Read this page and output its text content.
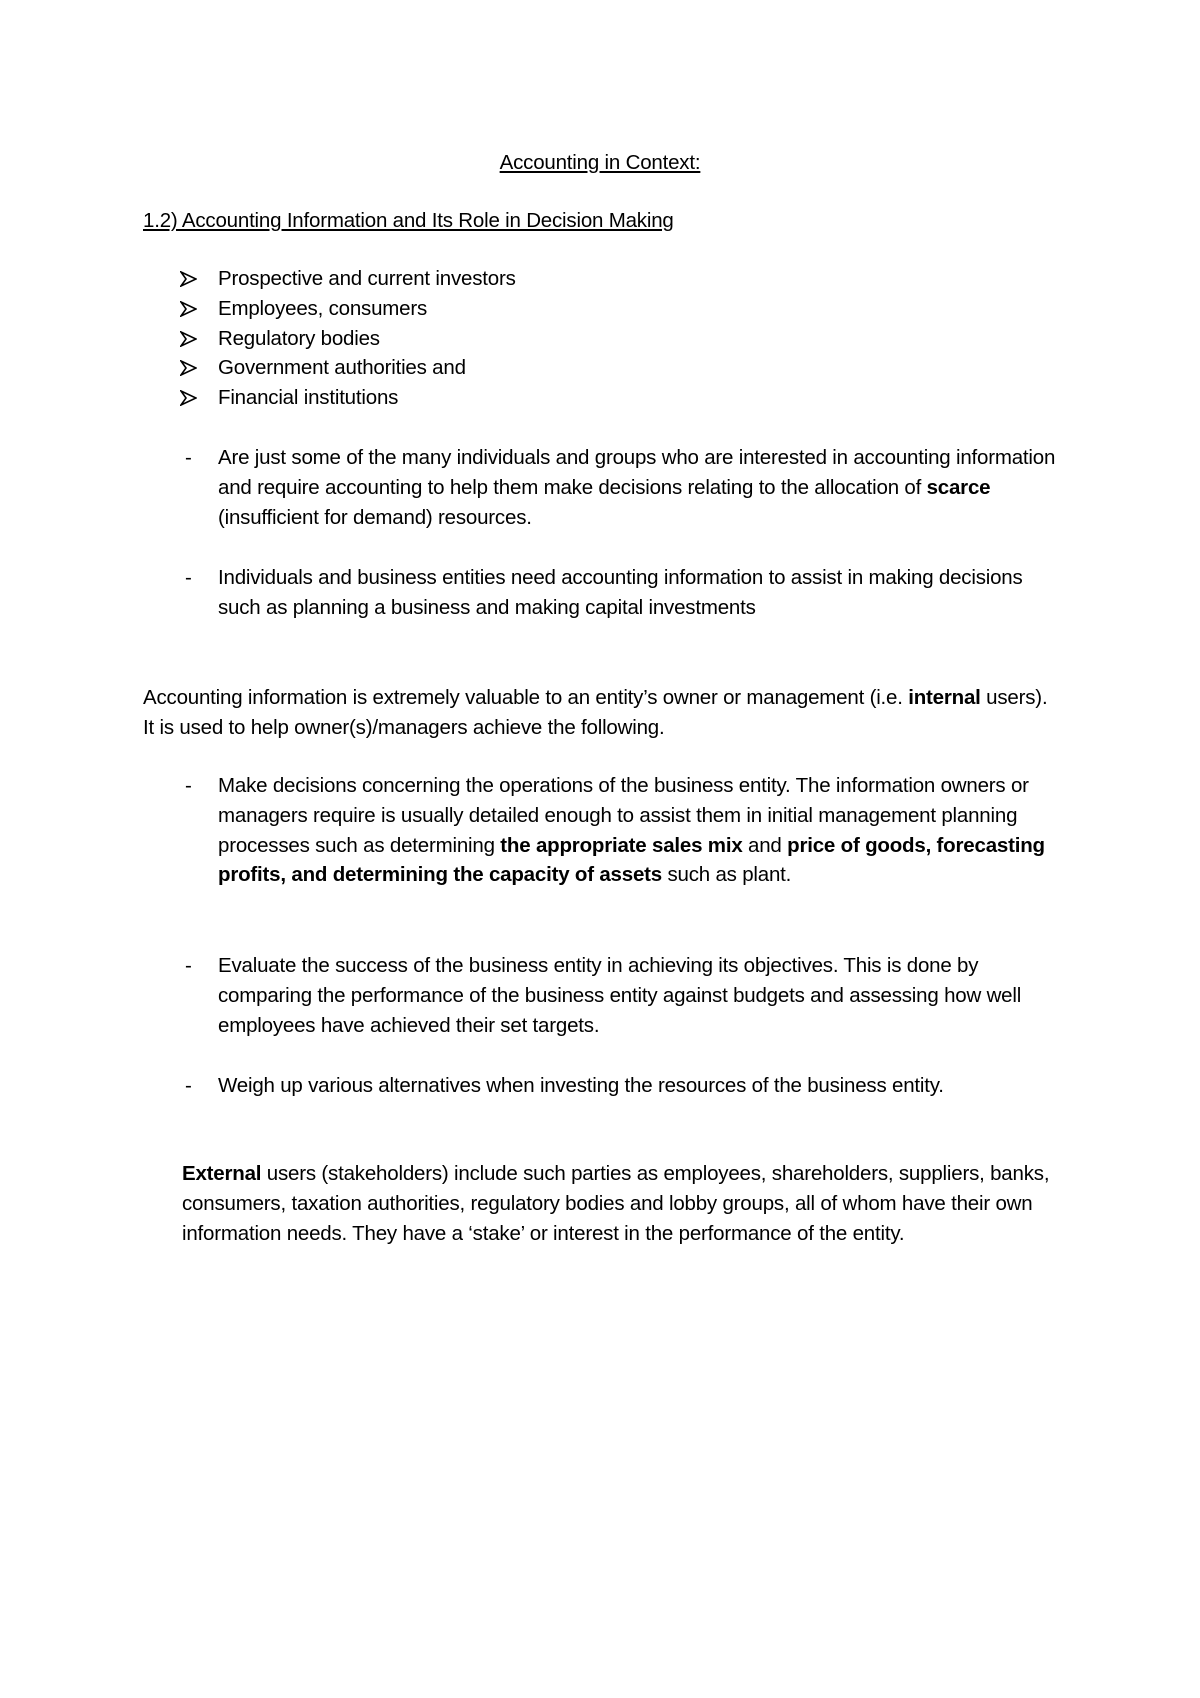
Accounting in Context:
1.2) Accounting Information and Its Role in Decision Making
Prospective and current investors
Employees, consumers
Regulatory bodies
Government authorities and
Financial institutions
- Are just some of the many individuals and groups who are interested in accounting information and require accounting to help them make decisions relating to the allocation of scarce (insufficient for demand) resources.
- Individuals and business entities need accounting information to assist in making decisions such as planning a business and making capital investments
Accounting information is extremely valuable to an entity’s owner or management (i.e. internal users). It is used to help owner(s)/managers achieve the following.
- Make decisions concerning the operations of the business entity. The information owners or managers require is usually detailed enough to assist them in initial management planning processes such as determining the appropriate sales mix and price of goods, forecasting profits, and determining the capacity of assets such as plant.
- Evaluate the success of the business entity in achieving its objectives. This is done by comparing the performance of the business entity against budgets and assessing how well employees have achieved their set targets.
- Weigh up various alternatives when investing the resources of the business entity.
External users (stakeholders) include such parties as employees, shareholders, suppliers, banks, consumers, taxation authorities, regulatory bodies and lobby groups, all of whom have their own information needs. They have a ‘stake’ or interest in the performance of the entity.
